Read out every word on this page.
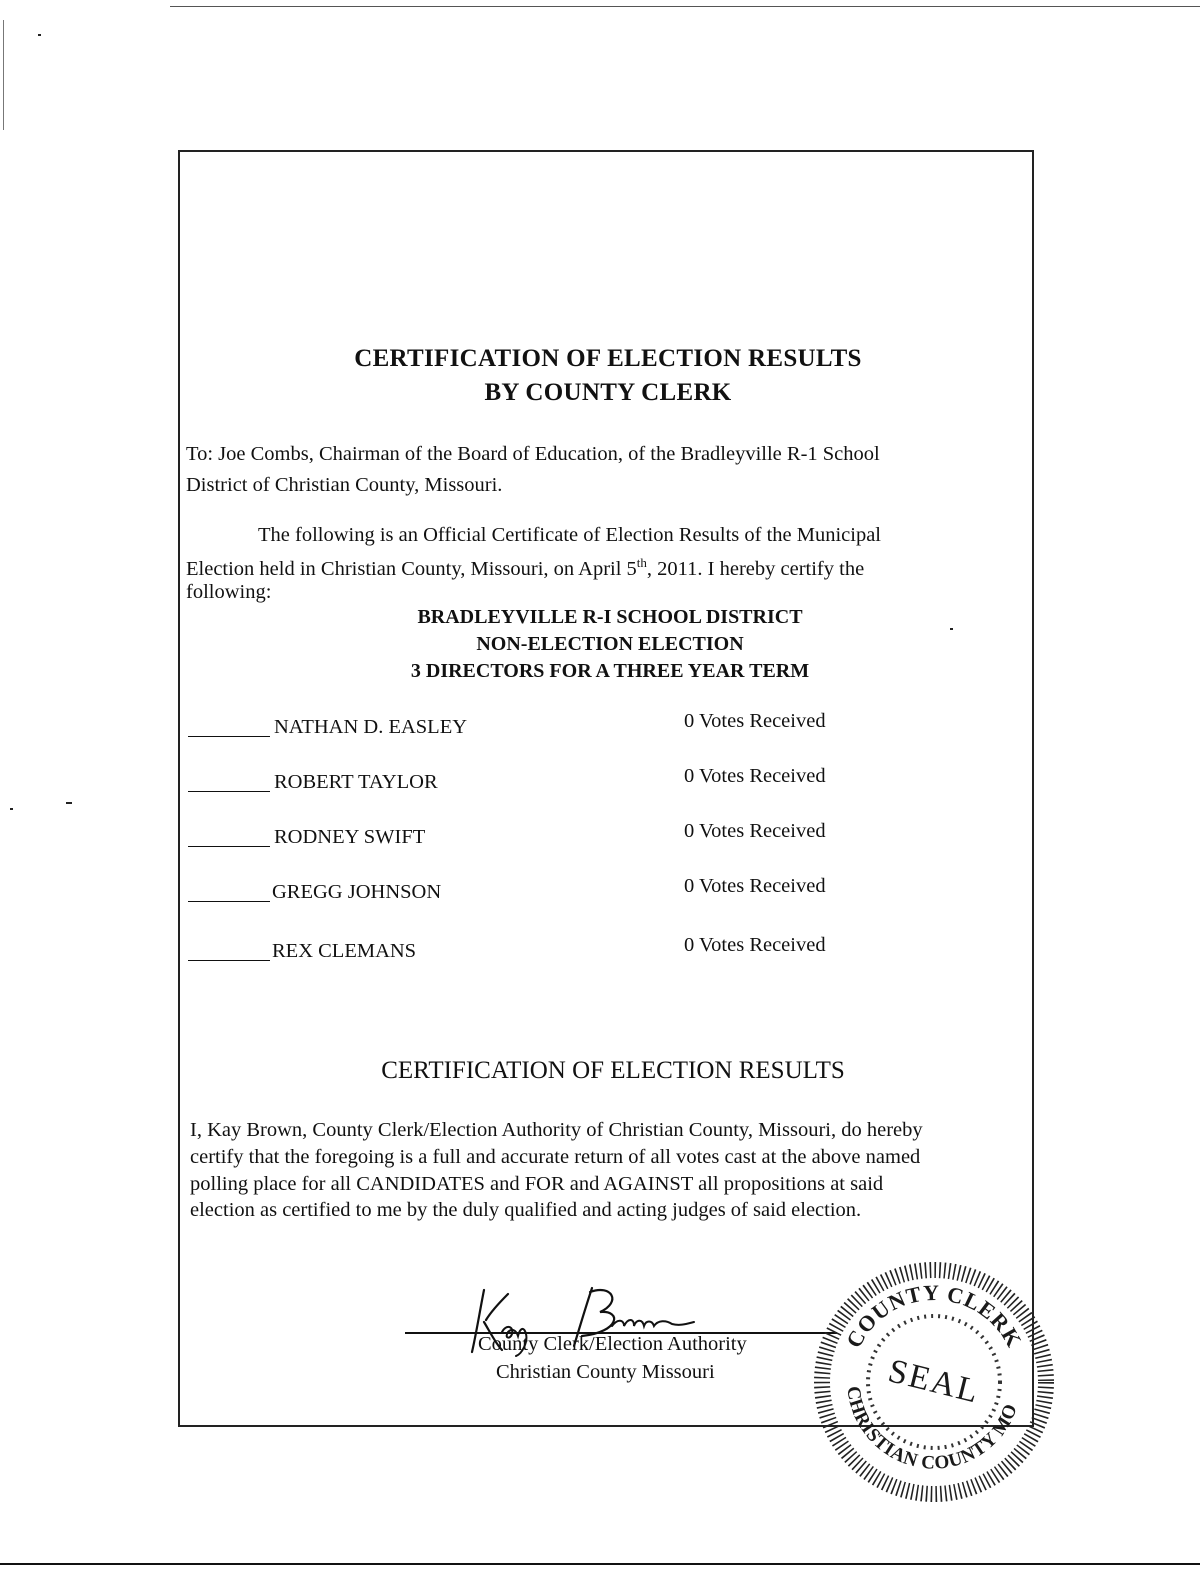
CERTIFICATION OF ELECTION RESULTS
BY COUNTY CLERK
To: Joe Combs, Chairman of the Board of Education, of the Bradleyville R-1 School
District of Christian County, Missouri.
The following is an Official Certificate of Election Results of the Municipal
Election held in Christian County, Missouri, on April 5th, 2011. I hereby certify the
following:
BRADLEYVILLE R-I SCHOOL DISTRICT
NON-ELECTION ELECTION
3 DIRECTORS FOR A THREE YEAR TERM
NATHAN D. EASLEY	0 Votes Received
ROBERT TAYLOR	0 Votes Received
RODNEY SWIFT	0 Votes Received
GREGG JOHNSON	0 Votes Received
REX CLEMANS	0 Votes Received
CERTIFICATION OF ELECTION RESULTS
I, Kay Brown, County Clerk/Election Authority of Christian County, Missouri, do hereby
certify that the foregoing is a full and accurate return of all votes cast at the above named
polling place for all CANDIDATES and FOR and AGAINST all propositions at said
election as certified to me by the duly qualified and acting judges of said election.
County Clerk/Election Authority
Christian County Missouri
COUNTY CLERK
CHRISTIAN COUNTY MO
SEAL
